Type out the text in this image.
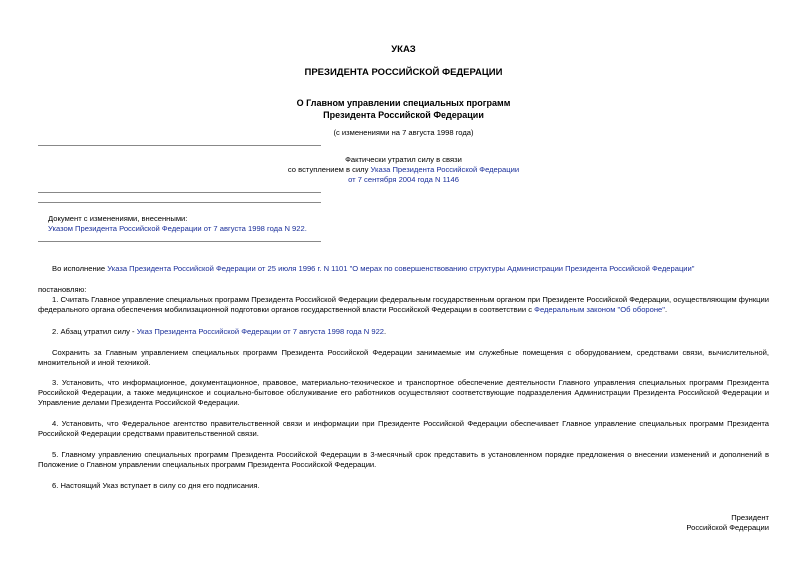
УКАЗ
ПРЕЗИДЕНТА РОССИЙСКОЙ ФЕДЕРАЦИИ
О Главном управлении специальных программ
Президента Российской Федерации
(с изменениями на 7 августа 1998 года)
Фактически утратил силу в связи
со вступлением в силу Указа Президента Российской Федерации
от 7 сентября 2004 года N 1146
Документ с изменениями, внесенными:
Указом Президента Российской Федерации от 7 августа 1998 года N 922.
Во исполнение Указа Президента Российской Федерации от 25 июля 1996 г. N 1101 "О мерах по совершенствованию структуры Администрации Президента Российской Федерации"
постановляю:
1. Считать Главное управление специальных программ Президента Российской Федерации федеральным государственным органом при Президенте Российской Федерации, осуществляющим функции федерального органа обеспечения мобилизационной подготовки органов государственной власти Российской Федерации в соответствии с Федеральным законом "Об обороне".
2. Абзац утратил силу - Указ Президента Российской Федерации от 7 августа 1998 года N 922.
Сохранить за Главным управлением специальных программ Президента Российской Федерации занимаемые им служебные помещения с оборудованием, средствами связи, вычислительной, множительной и иной техникой.
3. Установить, что информационное, документационное, правовое, материально-техническое и транспортное обеспечение деятельности Главного управления специальных программ Президента Российской Федерации, а также медицинское и социально-бытовое обслуживание его работников осуществляют соответствующие подразделения Администрации Президента Российской Федерации и Управление делами Президента Российской Федерации.
4. Установить, что Федеральное агентство правительственной связи и информации при Президенте Российской Федерации обеспечивает Главное управление специальных программ Президента Российской Федерации средствами правительственной связи.
5. Главному управлению специальных программ Президента Российской Федерации в 3-месячный срок представить в установленном порядке предложения о внесении изменений и дополнений в Положение о Главном управлении специальных программ Президента Российской Федерации.
6. Настоящий Указ вступает в силу со дня его подписания.
Президент
Российской Федерации
